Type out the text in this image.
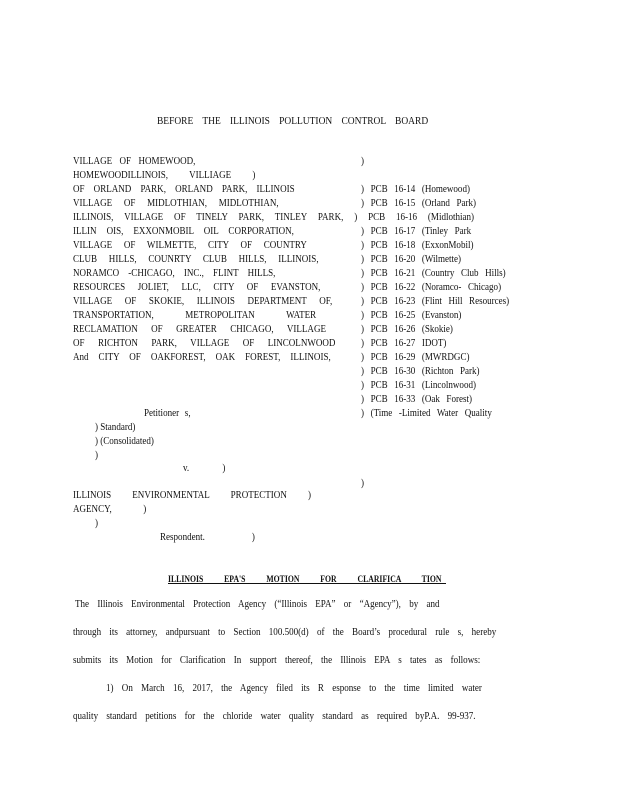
BEFORE THE ILLINOIS POLLUTION CONTROL BOARD
VILLAGE OF HOMEWOOD,
HOMEWOODILLINOIS, VILLIAGE )
OF ORLAND PARK, ORLAND PARK, ILLINOIS
VILLAGE OF MIDLOTHIAN, MIDLOTHIAN,
ILLINOIS, VILLAGE OF TINELY PARK, TINLEY PARK, ) PCB 16-16 (Midlothian)
ILLIN OIS, EXXONMOBIL OIL CORPORATION,
VILLAGE OF WILMETTE, CITY OF COUNTRY
CLUB HILLS, COUNRTY CLUB HILLS, ILLINOIS,
NORAMCO -CHICAGO, INC., FLINT HILLS,
RESOURCES JOLIET, LLC, CITY OF EVANSTON,
VILLAGE OF SKOKIE, ILLINOIS DEPARTMENT OF,
TRANSPORTATION, METROPOLITAN WATER
RECLAMATION OF GREATER CHICAGO, VILLAGE
OF RICHTON PARK, VILLAGE OF LINCOLNWOOD
And CITY OF OAKFOREST, OAK FOREST, ILLINOIS,
)
) PCB 16-14 (Homewood)
) PCB 16-15 (Orland Park)
) PCB 16-17 (Tinley Park
) PCB 16-18 (ExxonMobil)
) PCB 16-20 (Wilmette)
) PCB 16-21 (Country Club Hills)
) PCB 16-22 (Noramco- Chicago)
) PCB 16-23 (Flint Hill Resources)
) PCB 16-25 (Evanston)
) PCB 16-26 (Skokie)
) PCB 16-27 IDOT)
) PCB 16-29 (MWRDGC)
) PCB 16-30 (Richton Park)
) PCB 16-31 (Lincolnwood)
) PCB 16-33 (Oak Forest)
) (Time -Limited Water Quality
Petitioner s,
) Standard)
) (Consolidated)
)
v. )
)
ILLINOIS ENVIRONMENTAL PROTECTION )
AGENCY, )
)
Respondent. )
ILLINOIS EPA'S MOTION FOR CLARIFICA TION
The Illinois Environmental Protection Agency (“Illinois EPA” or “Agency”), by and
through its attorney, andpursuant to Section 100.500(d) of the Board’s procedural rule s, hereby
submits its Motion for Clarification In support thereof, the Illinois EPA s tates as follows:
1) On March 16, 2017, the Agency filed its R esponse to the time limited water
quality standard petitions for the chloride water quality standard as required byP.A. 99-937.
